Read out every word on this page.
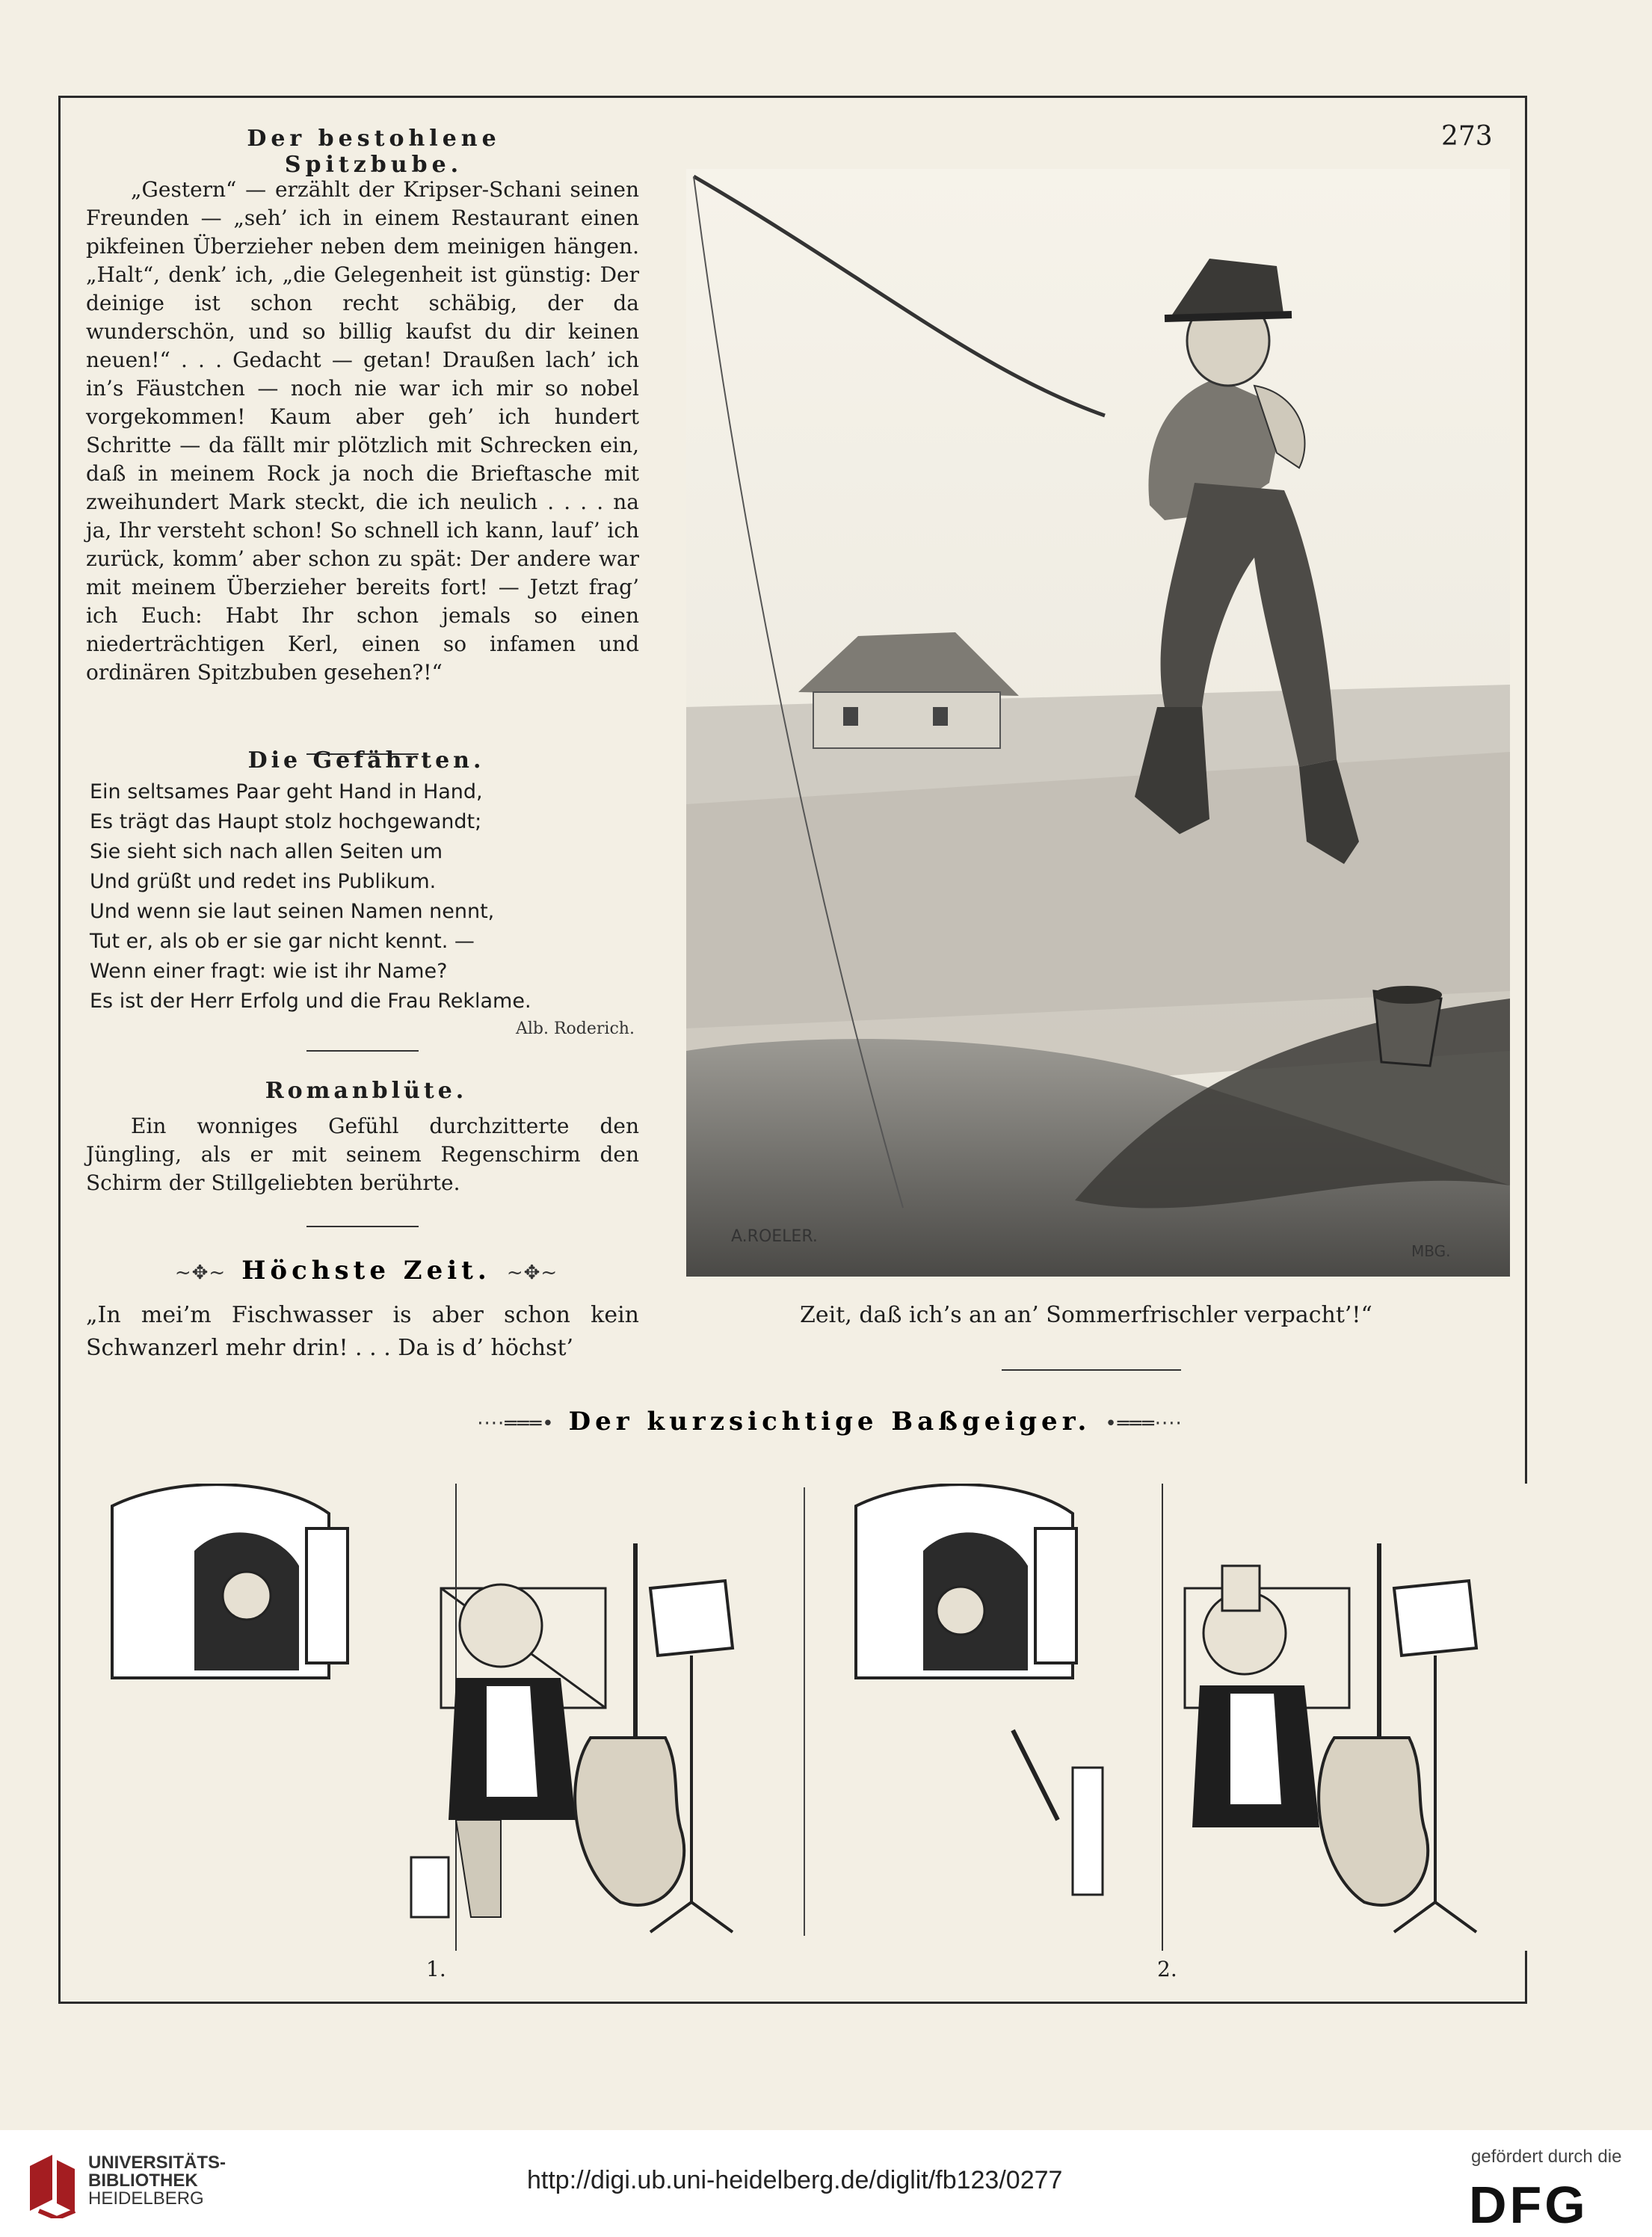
Der bestohlene Spitzbube.
273

„Gestern“ — erzählt der Kripser-Schani seinen Freunden — „seh’ ich in einem Restaurant einen pikfeinen Überzieher neben dem meinigen hängen. „Halt“, denk’ ich, „die Gelegenheit ist günstig: Der deinige ist schon recht schäbig, der da wunderschön, und so billig kaufst du dir keinen neuen!“ . . . Gedacht — getan! Draußen lach’ ich in’s Fäustchen — noch nie war ich mir so nobel vorgekommen! Kaum aber geh’ ich hundert Schritte — da fällt mir plötzlich mit Schrecken ein, daß in meinem Rock ja noch die Brieftasche mit zweihundert Mark steckt, die ich neulich . . . . na ja, Ihr versteht schon! So schnell ich kann, lauf’ ich zurück, komm’ aber schon zu spät: Der andere war mit meinem Überzieher bereits fort! — Jetzt frag’ ich Euch: Habt Ihr schon jemals so einen niederträchtigen Kerl, einen so infamen und ordinären Spitzbuben gesehen?!“

Die Gefährten.
Ein seltsames Paar geht Hand in Hand,
Es trägt das Haupt stolz hochgewandt;
Sie sieht sich nach allen Seiten um
Und grüßt und redet ins Publikum.
Und wenn sie laut seinen Namen nennt,
Tut er, als ob er sie gar nicht kennt. —
Wenn einer fragt: wie ist ihr Name?
Es ist der Herr Erfolg und die Frau Reklame.
Alb. Roderich.
Romanblüte.

Ein wonniges Gefühl durchzitterte den Jüngling, als er mit seinem Regenschirm den Schirm der Stillgeliebten berührte.

~✥~ Höchste Zeit. ~✥~
A.ROELER.
MBG.
„In mei’m Fischwasser is aber schon kein Schwanzerl mehr drin! . . . Da is d’ höchst’
Zeit, daß ich’s an an’ Sommerfrischler verpacht’!“
····═══• Der kurzsichtige Baßgeiger. •═══····
1.	2.
UNIVERSITÄTS-
BIBLIOTHEK
HEIDELBERG
http://digi.ub.uni-heidelberg.de/diglit/fb123/0277
gefördert durch die
DFG
